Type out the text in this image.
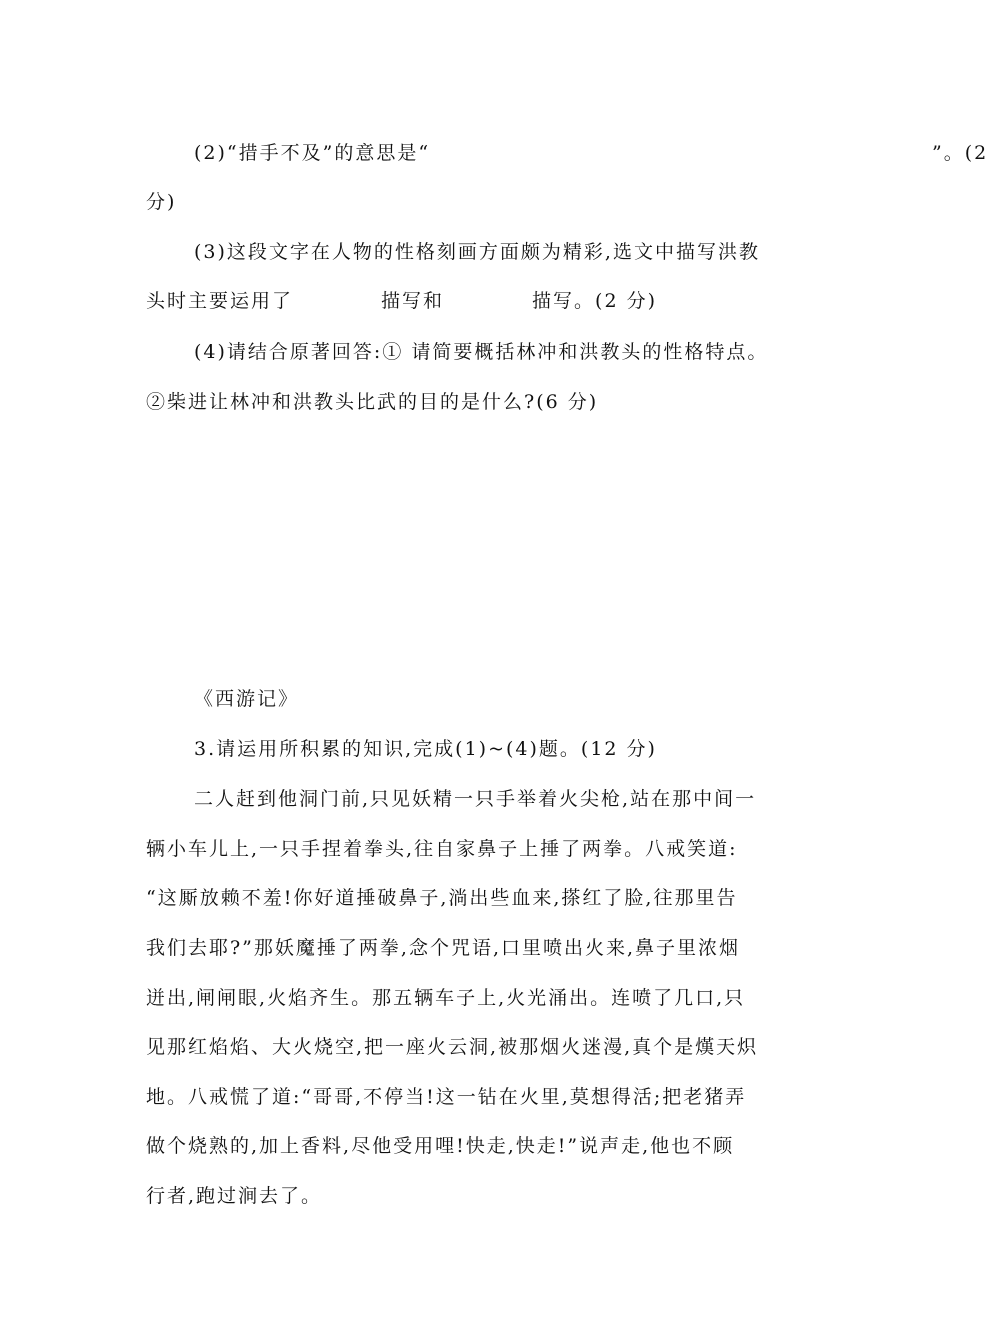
(2)“措手不及”的意思是“	”。(2
分)
(3)这段文字在人物的性格刻画方面颇为精彩,选文中描写洪教
头时主要运用了	描写和	描写。(2 分)
(4)请结合原著回答:① 请简要概括林冲和洪教头的性格特点。
②柴进让林冲和洪教头比武的目的是什么?(6 分)
《西游记》
3.请运用所积累的知识,完成(1)~(4)题。(12 分)
二人赶到他洞门前,只见妖精一只手举着火尖枪,站在那中间一
辆小车儿上,一只手捏着拳头,往自家鼻子上捶了两拳。八戒笑道:
“这厮放赖不羞!你好道捶破鼻子,淌出些血来,搽红了脸,往那里告
我们去耶?”那妖魔捶了两拳,念个咒语,口里喷出火来,鼻子里浓烟
迸出,闸闸眼,火焰齐生。那五辆车子上,火光涌出。连喷了几口,只
见那红焰焰、大火烧空,把一座火云洞,被那烟火迷漫,真个是熯天炽
地。八戒慌了道:“哥哥,不停当!这一钻在火里,莫想得活;把老猪弄
做个烧熟的,加上香料,尽他受用哩!快走,快走!”说声走,他也不顾
行者,跑过涧去了。
